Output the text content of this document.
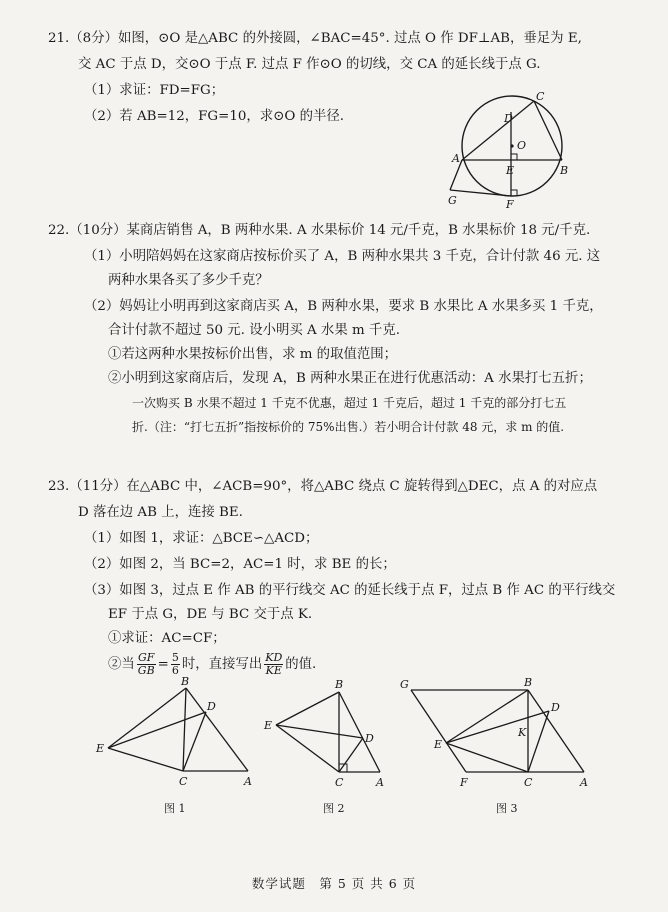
21.（8分）如图，⊙O 是△ABC 的外接圆，∠BAC=45°. 过点 O 作 DF⊥AB，垂足为 E,
交 AC 于点 D，交⊙O 于点 F. 过点 F 作⊙O 的切线，交 CA 的延长线于点 G.
（1）求证：FD=FG；
（2）若 AB=12，FG=10，求⊙O 的半径.
C
D
O
A
E	B
G	F
22.（10分）某商店销售 A，B 两种水果. A 水果标价 14 元/千克，B 水果标价 18 元/千克.
（1）小明陪妈妈在这家商店按标价买了 A，B 两种水果共 3 千克，合计付款 46 元. 这
两种水果各买了多少千克？
（2）妈妈让小明再到这家商店买 A，B 两种水果，要求 B 水果比 A 水果多买 1 千克，
合计付款不超过 50 元. 设小明买 A 水果 m 千克.
①若这两种水果按标价出售，求 m 的取值范围；
②小明到这家商店后，发现 A，B 两种水果正在进行优惠活动：A 水果打七五折；
一次购买 B 水果不超过 1 千克不优惠，超过 1 千克后，超过 1 千克的部分打七五
折.（注：“打七五折”指按标价的 75%出售.）若小明合计付款 48 元，求 m 的值.
23.（11分）在△ABC 中，∠ACB=90°，将△ABC 绕点 C 旋转得到△DEC，点 A 的对应点
D 落在边 AB 上，连接 BE.
（1）如图 1，求证：△BCE∽△ACD；
（2）如图 2，当 BC=2，AC=1 时，求 BE 的长；
（3）如图 3，过点 E 作 AB 的平行线交 AC 的延长线于点 F，过点 B 作 AC 的平行线交
EF 于点 G，DE 与 BC 交于点 K.
①求证：AC=CF；
②当 $\frac{GF}{GB} = \frac{5}{6}$ 时，直接写出 $\frac{KD}{KE}$ 的值.
B
D
E
C	A
图 1
B
E
D
C	A
图 2
G	B
D
K
E
F	C	A
图 3
数学试题　第 5 页 共 6 页
